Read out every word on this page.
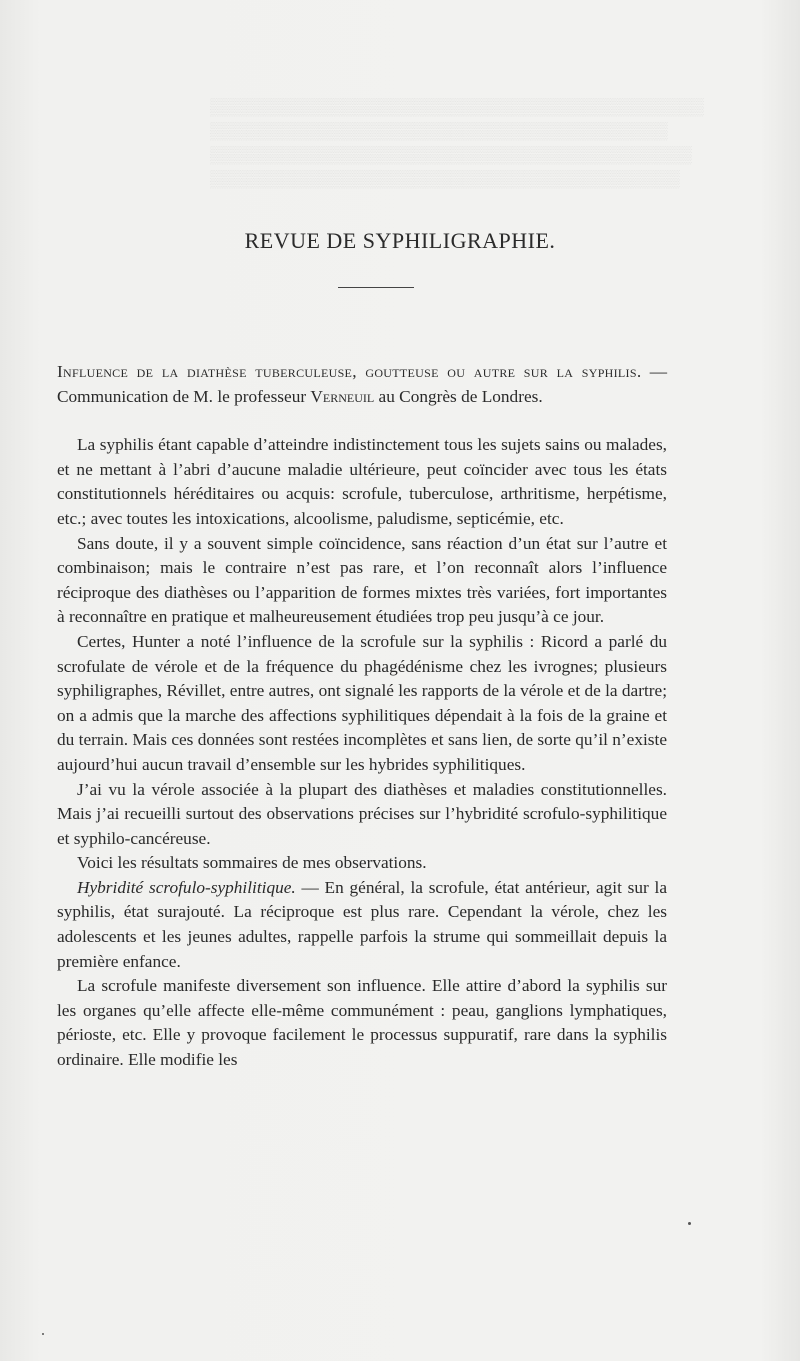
▒▒▒▒▒▒▒▒▒▒▒▒▒▒▒▒▒▒▒▒▒▒▒▒▒▒▒▒▒▒▒▒▒▒▒▒▒▒▒▒▒
▒▒▒▒▒▒▒▒▒▒▒▒▒▒▒▒▒▒▒▒▒▒▒▒▒▒▒▒▒▒▒▒▒▒▒▒▒▒
▒▒▒▒▒▒▒▒▒▒▒▒▒▒▒▒▒▒▒▒▒▒▒▒▒▒▒▒▒▒▒▒▒▒▒▒▒▒▒▒
▒▒▒▒▒▒▒▒▒▒▒▒▒▒▒▒▒▒▒▒▒▒▒▒▒▒▒▒▒▒▒▒▒▒▒▒▒▒▒
REVUE DE SYPHILIGRAPHIE.

Influence de la diathèse tuberculeuse, goutteuse ou autre sur la syphilis. — Communication de M. le professeur Verneuil au Congrès de Londres.

La syphilis étant capable d’atteindre indistinctement tous les sujets sains ou malades, et ne mettant à l’abri d’aucune maladie ultérieure, peut coïncider avec tous les états constitutionnels héréditaires ou acquis: scrofule, tuberculose, arthritisme, herpétisme, etc.; avec toutes les intoxications, alcoolisme, paludisme, septicémie, etc.

Sans doute, il y a souvent simple coïncidence, sans réaction d’un état sur l’autre et combinaison; mais le contraire n’est pas rare, et l’on reconnaît alors l’influence réciproque des diathèses ou l’apparition de formes mixtes très variées, fort importantes à reconnaître en pratique et malheureusement étudiées trop peu jusqu’à ce jour.

Certes, Hunter a noté l’influence de la scrofule sur la syphilis : Ricord a parlé du scrofulate de vérole et de la fréquence du phagédénisme chez les ivrognes; plusieurs syphiligraphes, Révillet, entre autres, ont signalé les rapports de la vérole et de la dartre; on a admis que la marche des affections syphilitiques dépendait à la fois de la graine et du terrain. Mais ces données sont restées incomplètes et sans lien, de sorte qu’il n’existe aujourd’hui aucun travail d’ensemble sur les hybrides syphilitiques.

J’ai vu la vérole associée à la plupart des diathèses et maladies constitutionnelles. Mais j’ai recueilli surtout des observations précises sur l’hybridité scrofulo-syphilitique et syphilo-cancéreuse.

Voici les résultats sommaires de mes observations.

Hybridité scrofulo-syphilitique. — En général, la scrofule, état antérieur, agit sur la syphilis, état surajouté. La réciproque est plus rare. Cependant la vérole, chez les adolescents et les jeunes adultes, rappelle parfois la strume qui sommeillait depuis la première enfance.

La scrofule manifeste diversement son influence. Elle attire d’abord la syphilis sur les organes qu’elle affecte elle-même communément : peau, ganglions lymphatiques, périoste, etc. Elle y provoque facilement le processus suppuratif, rare dans la syphilis ordinaire. Elle modifie les
